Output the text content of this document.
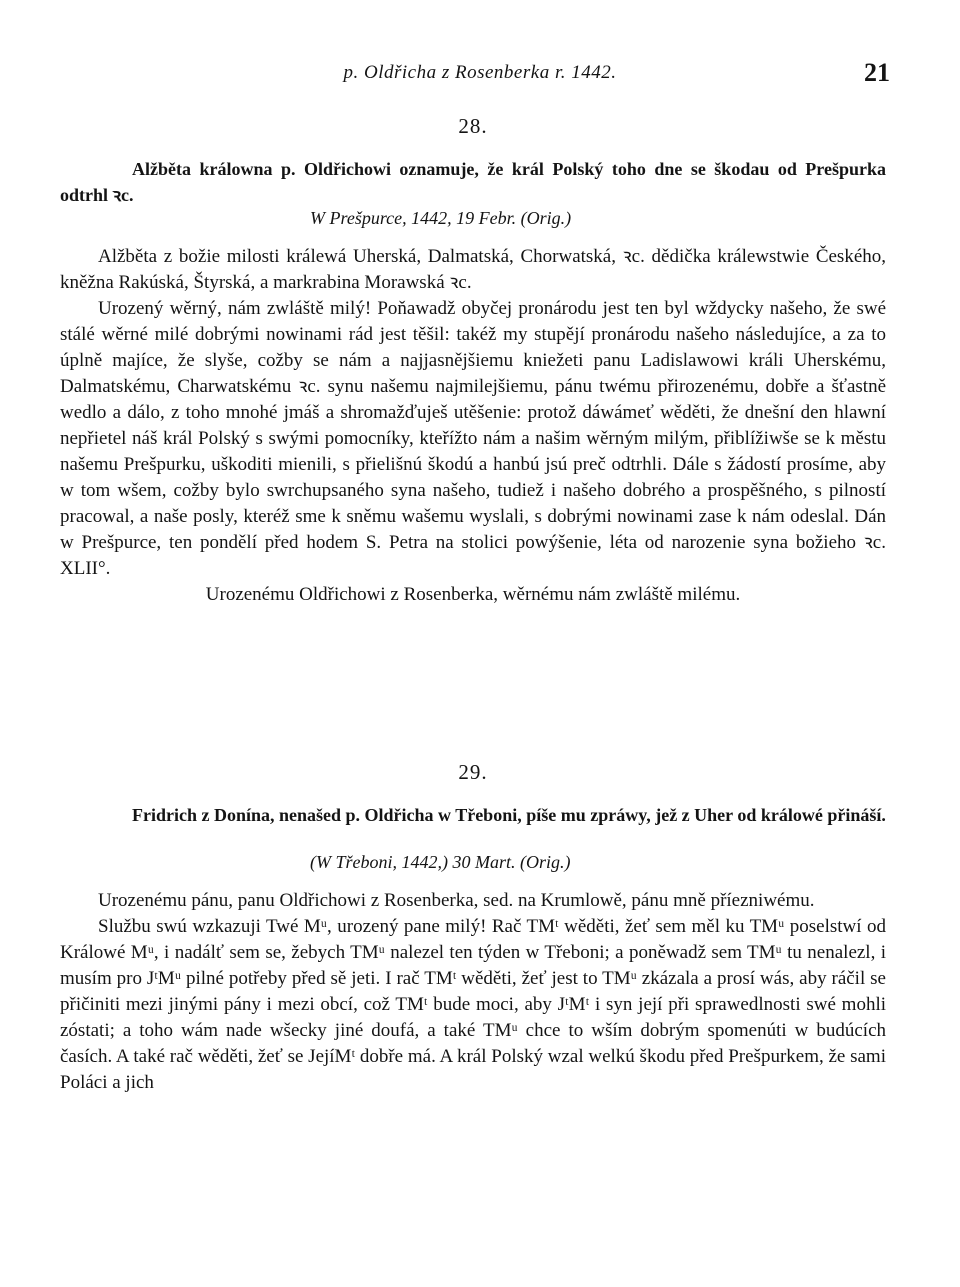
p. Oldřicha z Rosenberka r. 1442.	21
28.

Alžběta králowna p. Oldřichowi oznamuje, že král Polský toho dne se škodau od Prešpurka odtrhl ꝛc.

W Prešpurce, 1442, 19 Febr. (Orig.)

Alžběta z božie milosti králewá Uherská, Dalmatská, Chorwatská, ꝛc. dědička králewstwie Českého, kněžna Rakúská, Štyrská, a markrabina Morawská ꝛc.

Urozený wěrný, nám zwláště milý! Poňawadž obyčej pronárodu jest ten byl wždycky našeho, že swé stálé wěrné milé dobrými nowinami rád jest těšil: takéž my stupějí pronárodu našeho následujíce, a za to úplně majíce, že slyše, cožby se nám a najjasnějšiemu kniežeti panu Ladislawowi králi Uherskému, Dalmatskému, Charwatskému ꝛc. synu našemu najmilejšiemu, pánu twému přirozenému, dobře a šťastně wedlo a dálo, z toho mnohé jmáš a shromažďuješ utěšenie: protož dáwámeť wěděti, že dnešní den hlawní nepřietel náš král Polský s swými pomocníky, kteřížto nám a našim wěrným milým, přiblížiwše se k městu našemu Prešpurku, uškoditi mienili, s přielišnú škodú a hanbú jsú preč odtrhli. Dále s žádostí prosíme, aby w tom wšem, cožby bylo swrchupsaného syna našeho, tudiež i našeho dobrého a prospěšného, s pilností pracowal, a naše posly, kteréž sme k sněmu wašemu wyslali, s dobrými nowinami zase k nám odeslal. Dán w Prešpurce, ten pondělí před hodem S. Petra na stolici powýšenie, léta od narozenie syna božieho ꝛc. XLII°.

Urozenému Oldřichowi z Rosenberka, wěrnému nám zwláště milému.

29.

Fridrich z Donína, nenašed p. Oldřicha w Třeboni, píše mu zpráwy, jež z Uher od králowé přináší.

(W Třeboni, 1442,) 30 Mart. (Orig.)

Urozenému pánu, panu Oldřichowi z Rosenberka, sed. na Krumlowě, pánu mně příezniwému.

Službu swú wzkazuji Twé Mᵘ, urozený pane milý! Rač TMᵗ wěděti, žeť sem měl ku TMᵘ poselstwí od Králowé Mᵘ, i nadálť sem se, žebych TMᵘ nalezel ten týden w Třeboni; a poněwadž sem TMᵘ tu nenalezl, i musím pro JᵗMᵘ pilné potřeby před sě jeti. I rač TMᵗ wěděti, žeť jest to TMᵘ zkázala a prosí wás, aby ráčil se přičiniti mezi jinými pány i mezi obcí, což TMᵗ bude moci, aby JᵗMᵗ i syn její při sprawedlnosti swé mohli zóstati; a toho wám nade wšecky jiné doufá, a také TMᵘ chce to wším dobrým spomenúti w budúcích časích. A také rač wěděti, žeť se JejíMᵗ dobře má. A král Polský wzal welkú škodu před Prešpurkem, že sami Poláci a jich
